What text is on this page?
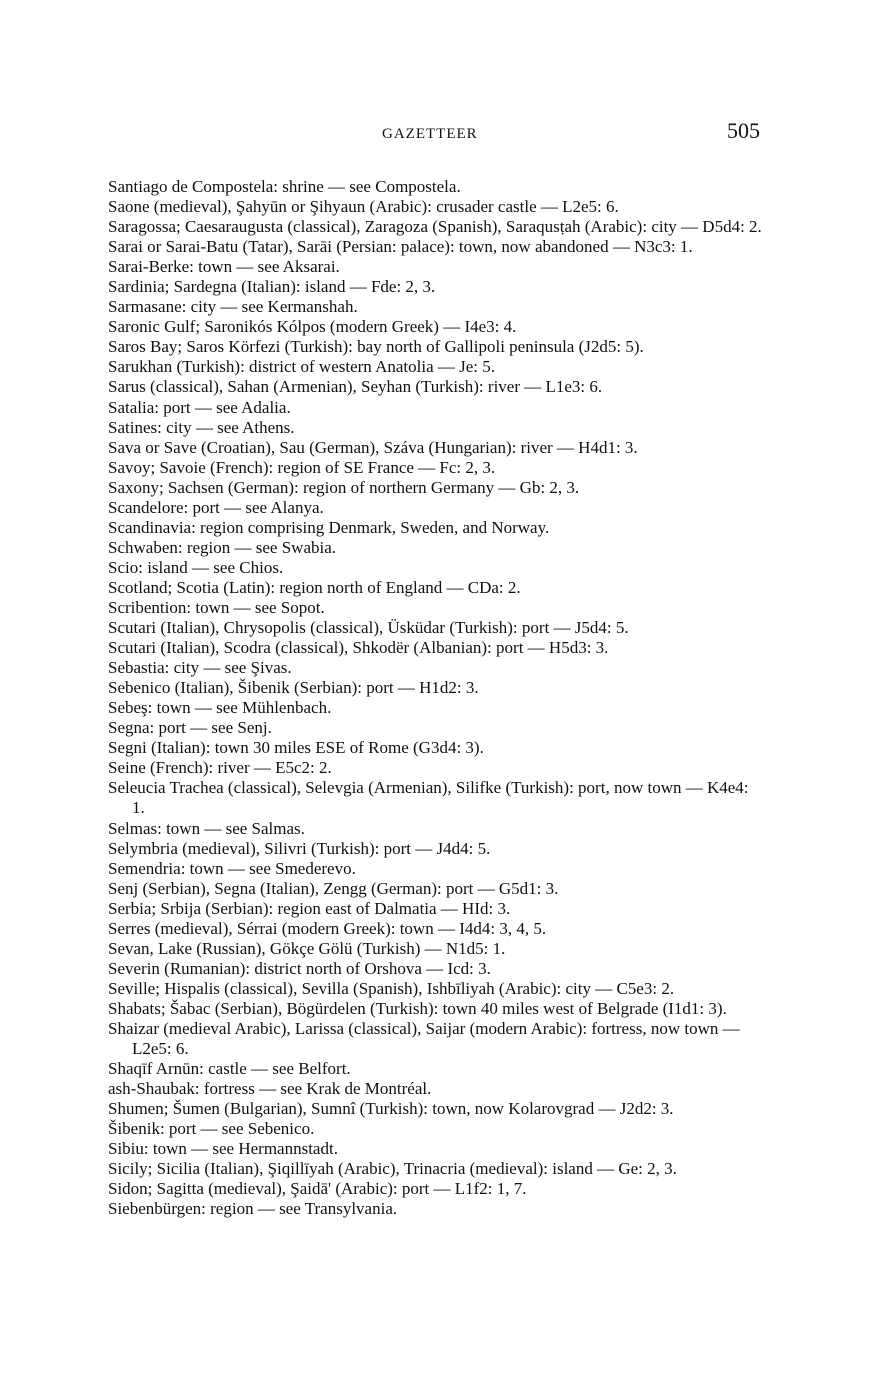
GAZETTEER	505
Santiago de Compostela: shrine — see Compostela.
Saone (medieval), Şahyūn or Şihyaun (Arabic): crusader castle — L2e5: 6.
Saragossa; Caesaraugusta (classical), Zaragoza (Spanish), Saraqusṭah (Arabic): city — D5d4: 2.
Sarai or Sarai-Batu (Tatar), Sarāi (Persian: palace): town, now abandoned — N3c3: 1.
Sarai-Berke: town — see Aksarai.
Sardinia; Sardegna (Italian): island — Fde: 2, 3.
Sarmasane: city — see Kermanshah.
Saronic Gulf; Saronikós Kólpos (modern Greek) — I4e3: 4.
Saros Bay; Saros Körfezi (Turkish): bay north of Gallipoli peninsula (J2d5: 5).
Sarukhan (Turkish): district of western Anatolia — Je: 5.
Sarus (classical), Sahan (Armenian), Seyhan (Turkish): river — L1e3: 6.
Satalia: port — see Adalia.
Satines: city — see Athens.
Sava or Save (Croatian), Sau (German), Száva (Hungarian): river — H4d1: 3.
Savoy; Savoie (French): region of SE France — Fc: 2, 3.
Saxony; Sachsen (German): region of northern Germany — Gb: 2, 3.
Scandelore: port — see Alanya.
Scandinavia: region comprising Denmark, Sweden, and Norway.
Schwaben: region — see Swabia.
Scio: island — see Chios.
Scotland; Scotia (Latin): region north of England — CDa: 2.
Scribention: town — see Sopot.
Scutari (Italian), Chrysopolis (classical), Üsküdar (Turkish): port — J5d4: 5.
Scutari (Italian), Scodra (classical), Shkodër (Albanian): port — H5d3: 3.
Sebastia: city — see Şivas.
Sebenico (Italian), Šibenik (Serbian): port — H1d2: 3.
Sebeş: town — see Mühlenbach.
Segna: port — see Senj.
Segni (Italian): town 30 miles ESE of Rome (G3d4: 3).
Seine (French): river — E5c2: 2.
Seleucia Trachea (classical), Selevgia (Armenian), Silifke (Turkish): port, now town — K4e4: 1.
Selmas: town — see Salmas.
Selymbria (medieval), Silivri (Turkish): port — J4d4: 5.
Semendria: town — see Smederevo.
Senj (Serbian), Segna (Italian), Zengg (German): port — G5d1: 3.
Serbia; Srbija (Serbian): region east of Dalmatia — HId: 3.
Serres (medieval), Sérrai (modern Greek): town — I4d4: 3, 4, 5.
Sevan, Lake (Russian), Gökçe Gölü (Turkish) — N1d5: 1.
Severin (Rumanian): district north of Orshova — Icd: 3.
Seville; Hispalis (classical), Sevilla (Spanish), Ishbīliyah (Arabic): city — C5e3: 2.
Shabats; Šabac (Serbian), Bögürdelen (Turkish): town 40 miles west of Belgrade (I1d1: 3).
Shaizar (medieval Arabic), Larissa (classical), Saijar (modern Arabic): fortress, now town — L2e5: 6.
Shaqīf Arnūn: castle — see Belfort.
ash-Shaubak: fortress — see Krak de Montréal.
Shumen; Šumen (Bulgarian), Sumnî (Turkish): town, now Kolarovgrad — J2d2: 3.
Šibenik: port — see Sebenico.
Sibiu: town — see Hermannstadt.
Sicily; Sicilia (Italian), Şiqillīyah (Arabic), Trinacria (medieval): island — Ge: 2, 3.
Sidon; Sagitta (medieval), Şaidā' (Arabic): port — L1f2: 1, 7.
Siebenbürgen: region — see Transylvania.
